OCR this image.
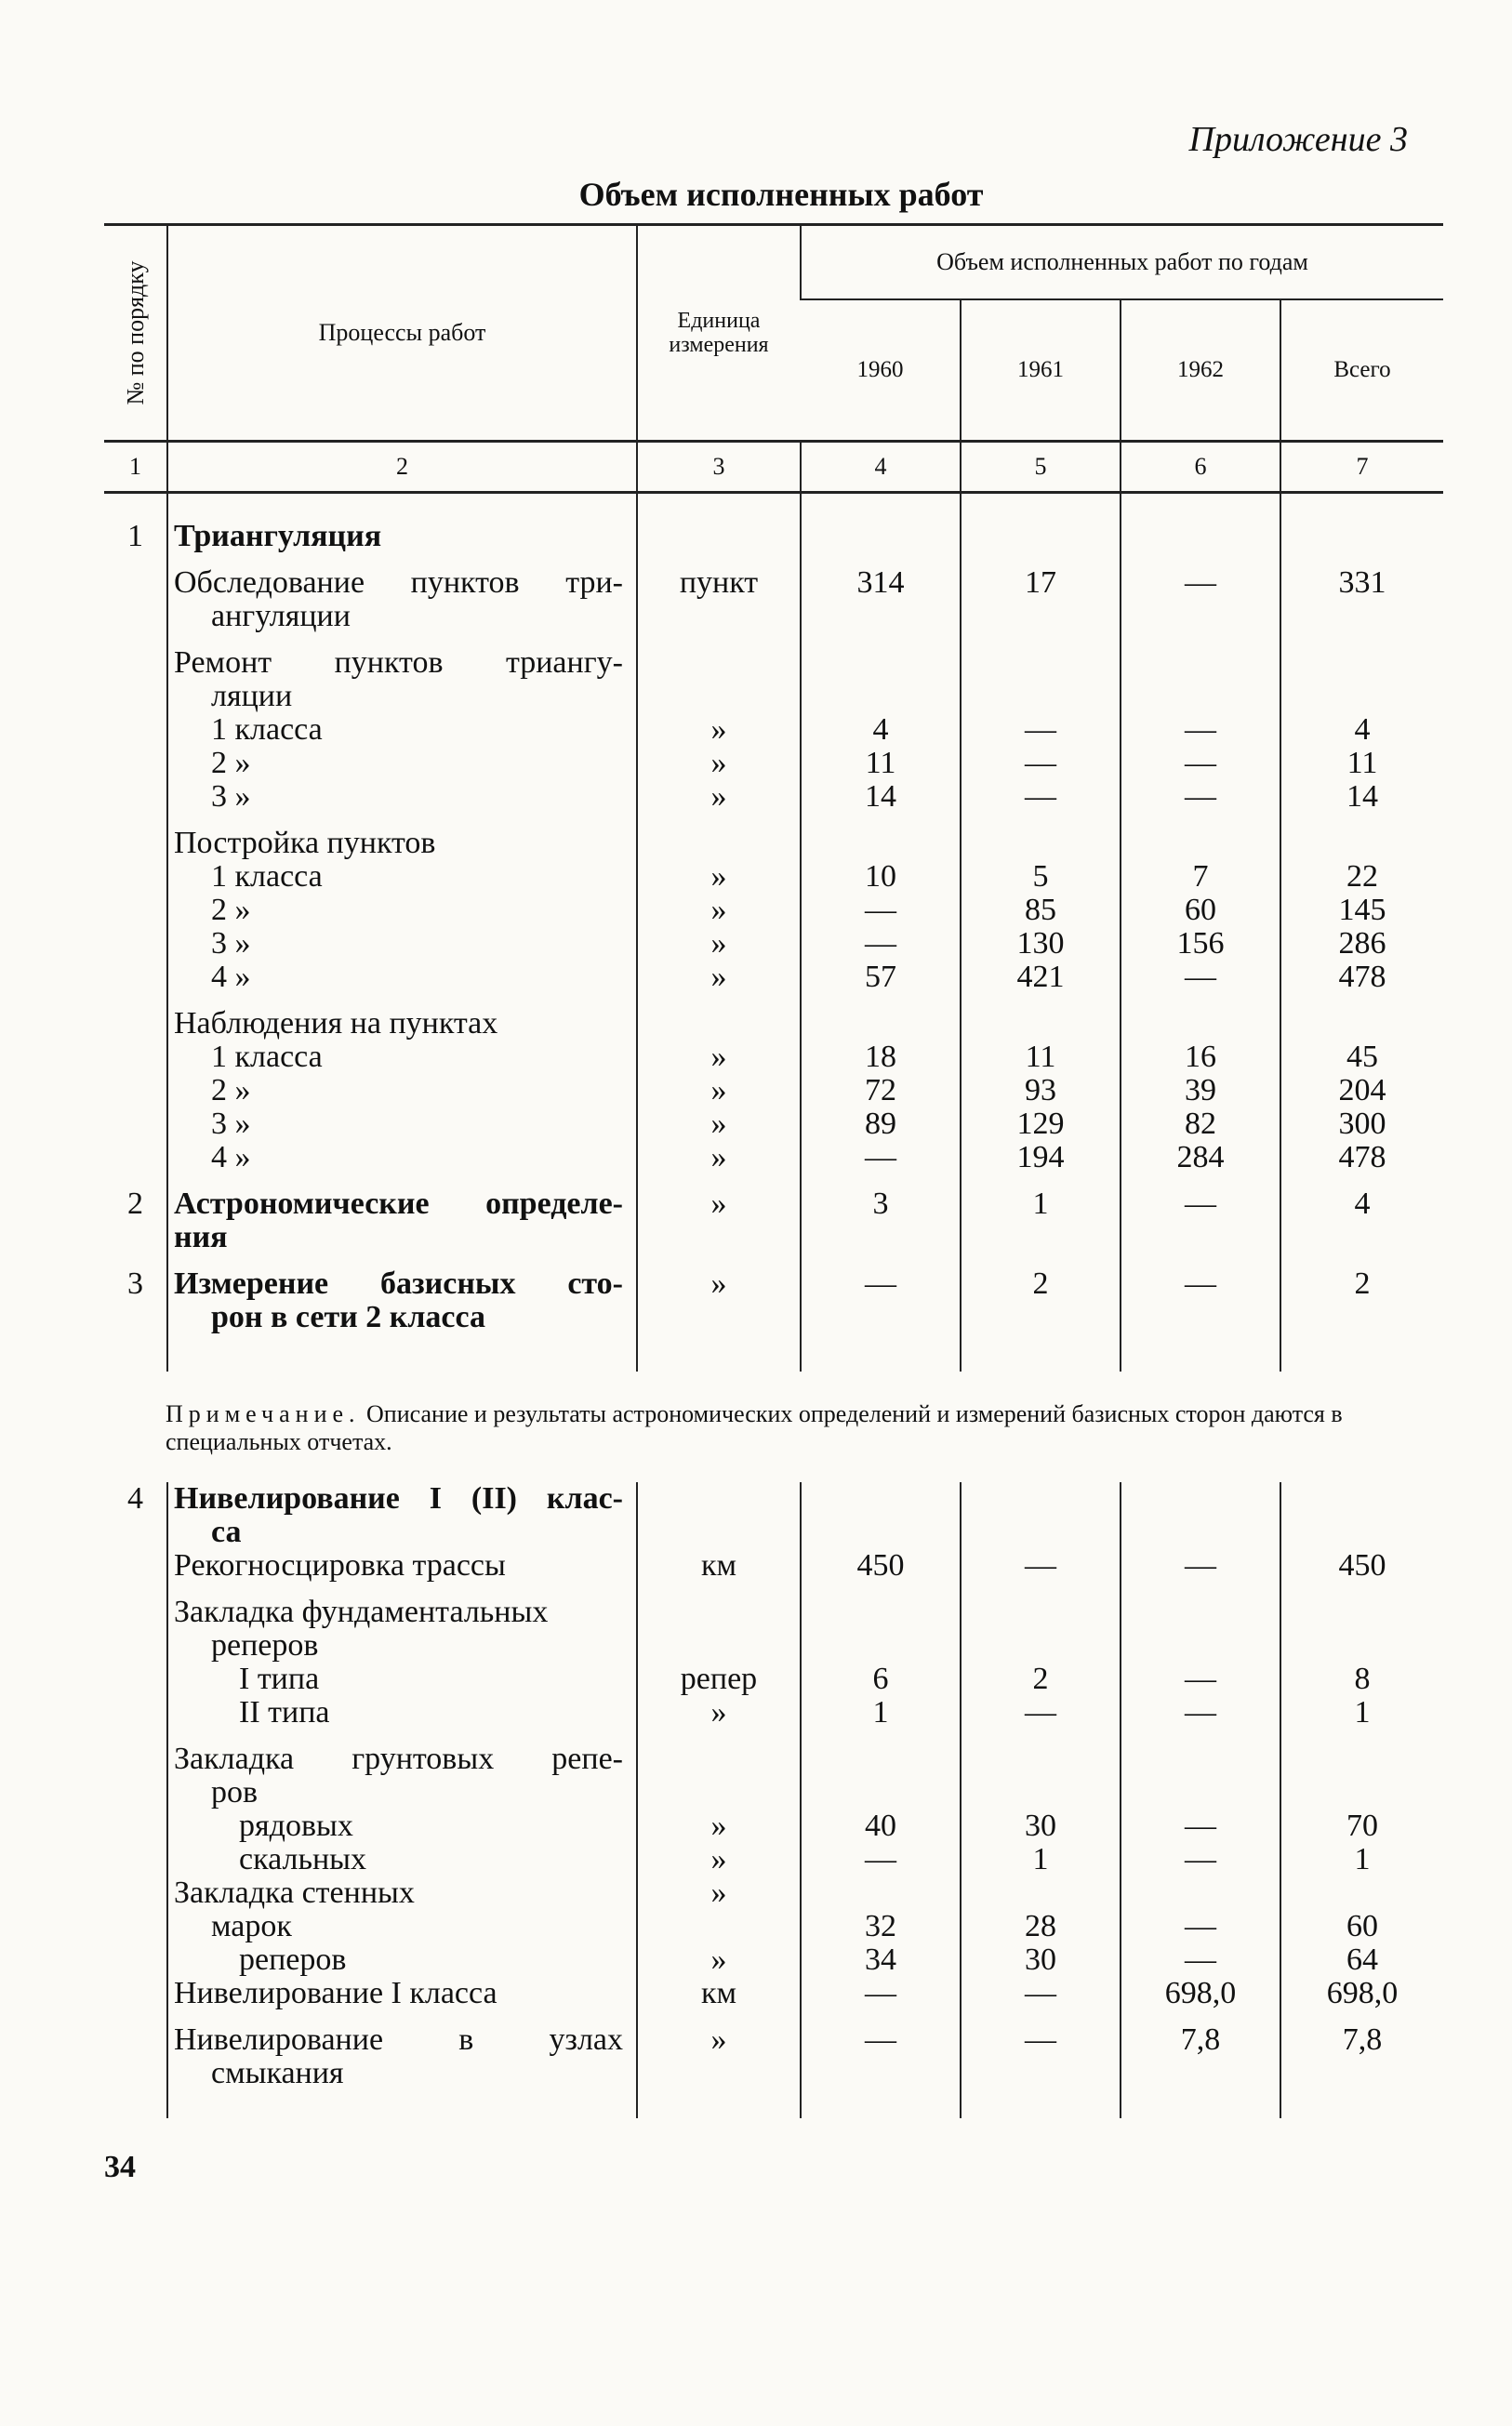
Приложение 3
Объем исполненных работ
№ по порядку	Процессы работ	Единица измерения	Объем исполненных работ по годам			
			1960	1961	1962	Всего
1	2	3	4	5	6	7

1	Триангуляция					

	Обследование пунктов три-
ангуляции	пункт	314	17	—	331

	Ремонт пунктов триангу-
ляции					

	1 класса	»	4	—	—	4

	2 »	»	11	—	—	11

	3 »	»	14	—	—	14

	Постройка пунктов					

	1 класса	»	10	5	7	22

	2 »	»	—	85	60	145

	3 »	»	—	130	156	286

	4 »	»	57	421	—	478

	Наблюдения на пунктах					

	1 класса	»	18	11	16	45

	2 »	»	72	93	39	204

	3 »	»	89	129	82	300

	4 »	»	—	194	284	478
2	Астрономические определе-
ния	»	3	1	—	4
3	Измерение базисных сто-
рон в сети 2 класса	»	—	2	—	2

Примечание. Описание и результаты астрономических определений и измерений базисных сторон даются в специальных отчетах.

4	Нивелирование I (II) клас-
са					

	Рекогносцировка трассы	км	450	—	—	450

	Закладка фундаментальных
реперов					

	I типа	репер	6	2	—	8

	II типа	»	1	—	—	1

	Закладка грунтовых репе-
ров					

	рядовых	»	40	30	—	70

	скальных	»	—	1	—	1

	Закладка стенных	»				

	марок		32	28	—	60

	реперов	»	34	30	—	64

	Нивелирование I класса	км	—	—	698,0	698,0

	Нивелирование в узлах
смыкания	»	—	—	7,8	7,8

34
